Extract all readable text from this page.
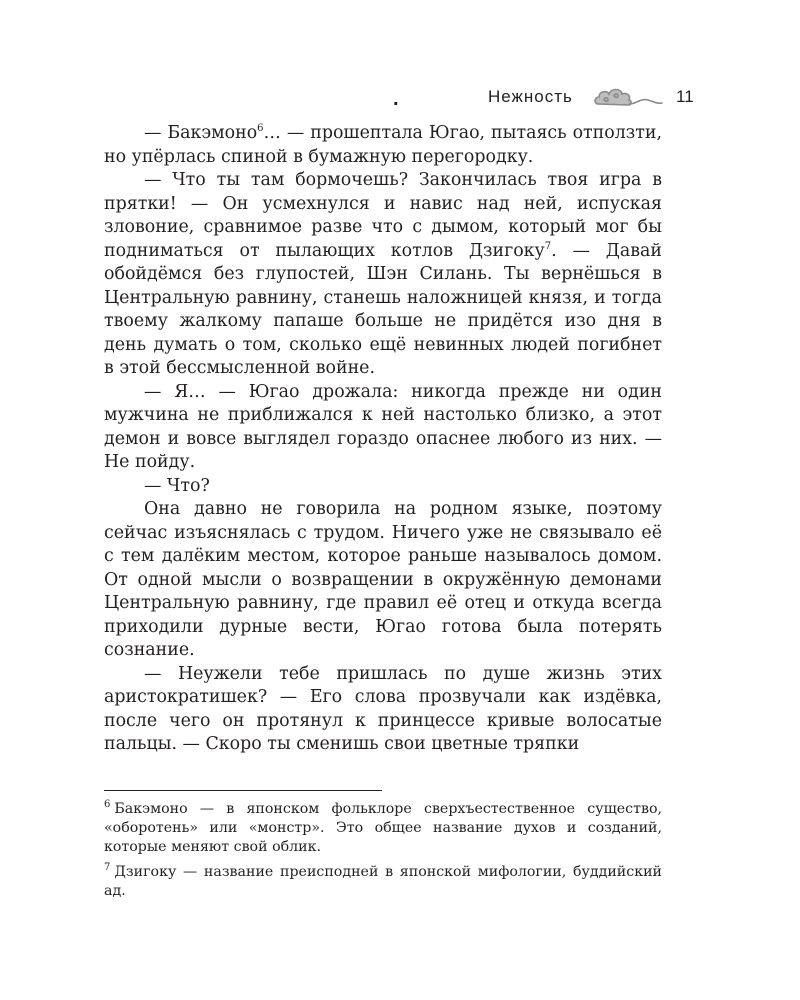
.	Нежность	11

— Бакэмоно$^6$… — прошептала Югао, пытаясь отползти, но упёрлась спиной в бумажную перегородку.

— Что ты там бормочешь? Закончилась твоя игра в прятки! — Он усмехнулся и навис над ней, испуская зловоние, сравнимое разве что с дымом, который мог бы подниматься от пылающих котлов Дзигоку$^7$. — Давай обойдёмся без глупостей, Шэн Силань. Ты вернёшься в Центральную равнину, станешь наложницей князя, и тогда твоему жалкому папаше больше не придётся изо дня в день думать о том, сколько ещё невинных людей погибнет в этой бессмысленной войне.

— Я… — Югао дрожала: никогда прежде ни один мужчина не приближался к ней настолько близко, а этот демон и вовсе выглядел гораздо опаснее любого из них. — Не пойду.

— Что?

Она давно не говорила на родном языке, поэтому сейчас изъяснялась с трудом. Ничего уже не связывало её с тем далёким местом, которое раньше называлось домом. От одной мысли о возвращении в окружённую демонами Центральную равнину, где правил её отец и откуда всегда приходили дурные вести, Югао готова была потерять сознание.

— Неужели тебе пришлась по душе жизнь этих аристократишек? — Его слова прозвучали как издёвка, после чего он протянул к принцессе кривые волосатые пальцы. — Скоро ты сменишь свои цветные тряпки

$^6$ Бакэмоно — в японском фольклоре сверхъестественное существо, «оборотень» или «монстр». Это общее название духов и созданий, которые меняют свой облик.

$^7$ Дзигоку — название преисподней в японской мифологии, буддийский ад.
